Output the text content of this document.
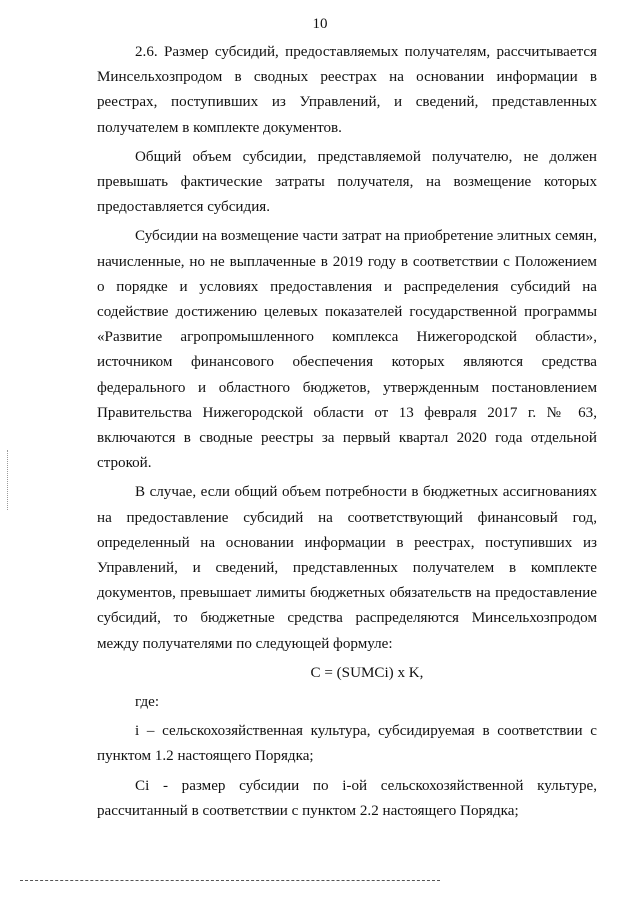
10

2.6. Размер субсидий, предоставляемых получателям, рассчитывается Минсельхозпродом в сводных реестрах на основании информации в реестрах, поступивших из Управлений, и сведений, представленных получателем в комплекте документов.

Общий объем субсидии, представляемой получателю, не должен превышать фактические затраты получателя, на возмещение которых предоставляется субсидия.

Субсидии на возмещение части затрат на приобретение элитных семян, начисленные, но не выплаченные в 2019 году в соответствии с Положением о порядке и условиях предоставления и распределения субсидий на содействие достижению целевых показателей государственной программы «Развитие агропромышленного комплекса Нижегородской области», источником финансового обеспечения которых являются средства федерального и областного бюджетов, утвержденным постановлением Правительства Нижегородской области от 13 февраля 2017 г. № 63, включаются в сводные реестры за первый квартал 2020 года отдельной строкой.

В случае, если общий объем потребности в бюджетных ассигнованиях на предоставление субсидий на соответствующий финансовый год, определенный на основании информации в реестрах, поступивших из Управлений, и сведений, представленных получателем в комплекте документов, превышает лимиты бюджетных обязательств на предоставление субсидий, то бюджетные средства распределяются Минсельхозпродом между получателями по следующей формуле:

C = (SUMCi) x K,

где:

i – сельскохозяйственная культура, субсидируемая в соответствии с пунктом 1.2 настоящего Порядка;

Ci - размер субсидии по i-ой сельскохозяйственной культуре, рассчитанный в соответствии с пунктом 2.2 настоящего Порядка;
